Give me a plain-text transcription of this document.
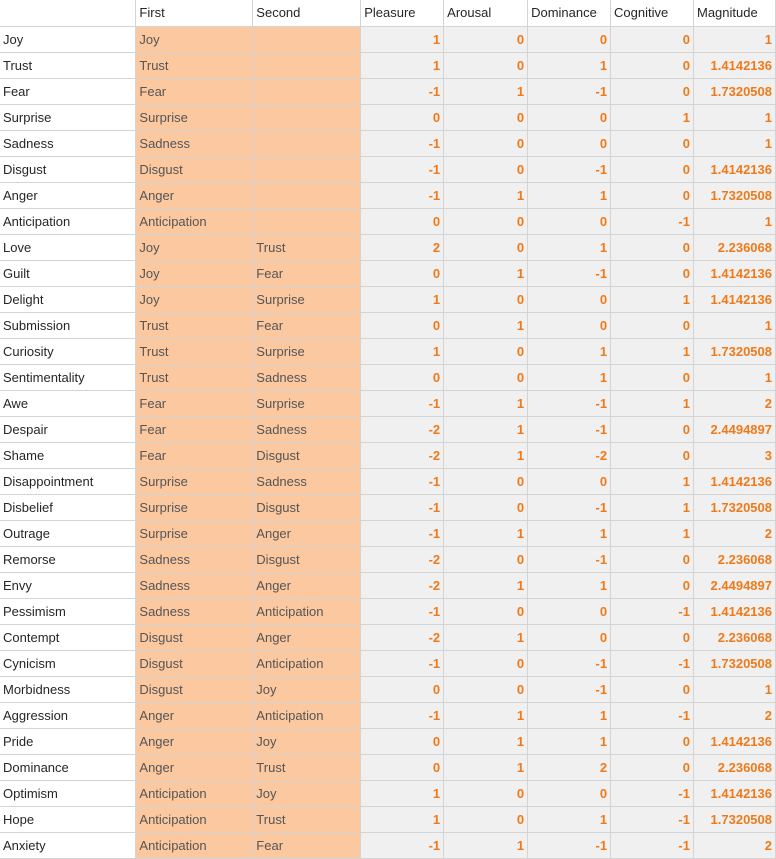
	First	Second	Pleasure	Arousal	Dominance	Cognitive	Magnitude
Joy	Joy		1	0	0	0	1
Trust	Trust		1	0	1	0	1.4142136
Fear	Fear		-1	1	-1	0	1.7320508
Surprise	Surprise		0	0	0	1	1
Sadness	Sadness		-1	0	0	0	1
Disgust	Disgust		-1	0	-1	0	1.4142136
Anger	Anger		-1	1	1	0	1.7320508
Anticipation	Anticipation		0	0	0	-1	1
Love	Joy	Trust	2	0	1	0	2.236068
Guilt	Joy	Fear	0	1	-1	0	1.4142136
Delight	Joy	Surprise	1	0	0	1	1.4142136
Submission	Trust	Fear	0	1	0	0	1
Curiosity	Trust	Surprise	1	0	1	1	1.7320508
Sentimentality	Trust	Sadness	0	0	1	0	1
Awe	Fear	Surprise	-1	1	-1	1	2
Despair	Fear	Sadness	-2	1	-1	0	2.4494897
Shame	Fear	Disgust	-2	1	-2	0	3
Disappointment	Surprise	Sadness	-1	0	0	1	1.4142136
Disbelief	Surprise	Disgust	-1	0	-1	1	1.7320508
Outrage	Surprise	Anger	-1	1	1	1	2
Remorse	Sadness	Disgust	-2	0	-1	0	2.236068
Envy	Sadness	Anger	-2	1	1	0	2.4494897
Pessimism	Sadness	Anticipation	-1	0	0	-1	1.4142136
Contempt	Disgust	Anger	-2	1	0	0	2.236068
Cynicism	Disgust	Anticipation	-1	0	-1	-1	1.7320508
Morbidness	Disgust	Joy	0	0	-1	0	1
Aggression	Anger	Anticipation	-1	1	1	-1	2
Pride	Anger	Joy	0	1	1	0	1.4142136
Dominance	Anger	Trust	0	1	2	0	2.236068
Optimism	Anticipation	Joy	1	0	0	-1	1.4142136
Hope	Anticipation	Trust	1	0	1	-1	1.7320508
Anxiety	Anticipation	Fear	-1	1	-1	-1	2
